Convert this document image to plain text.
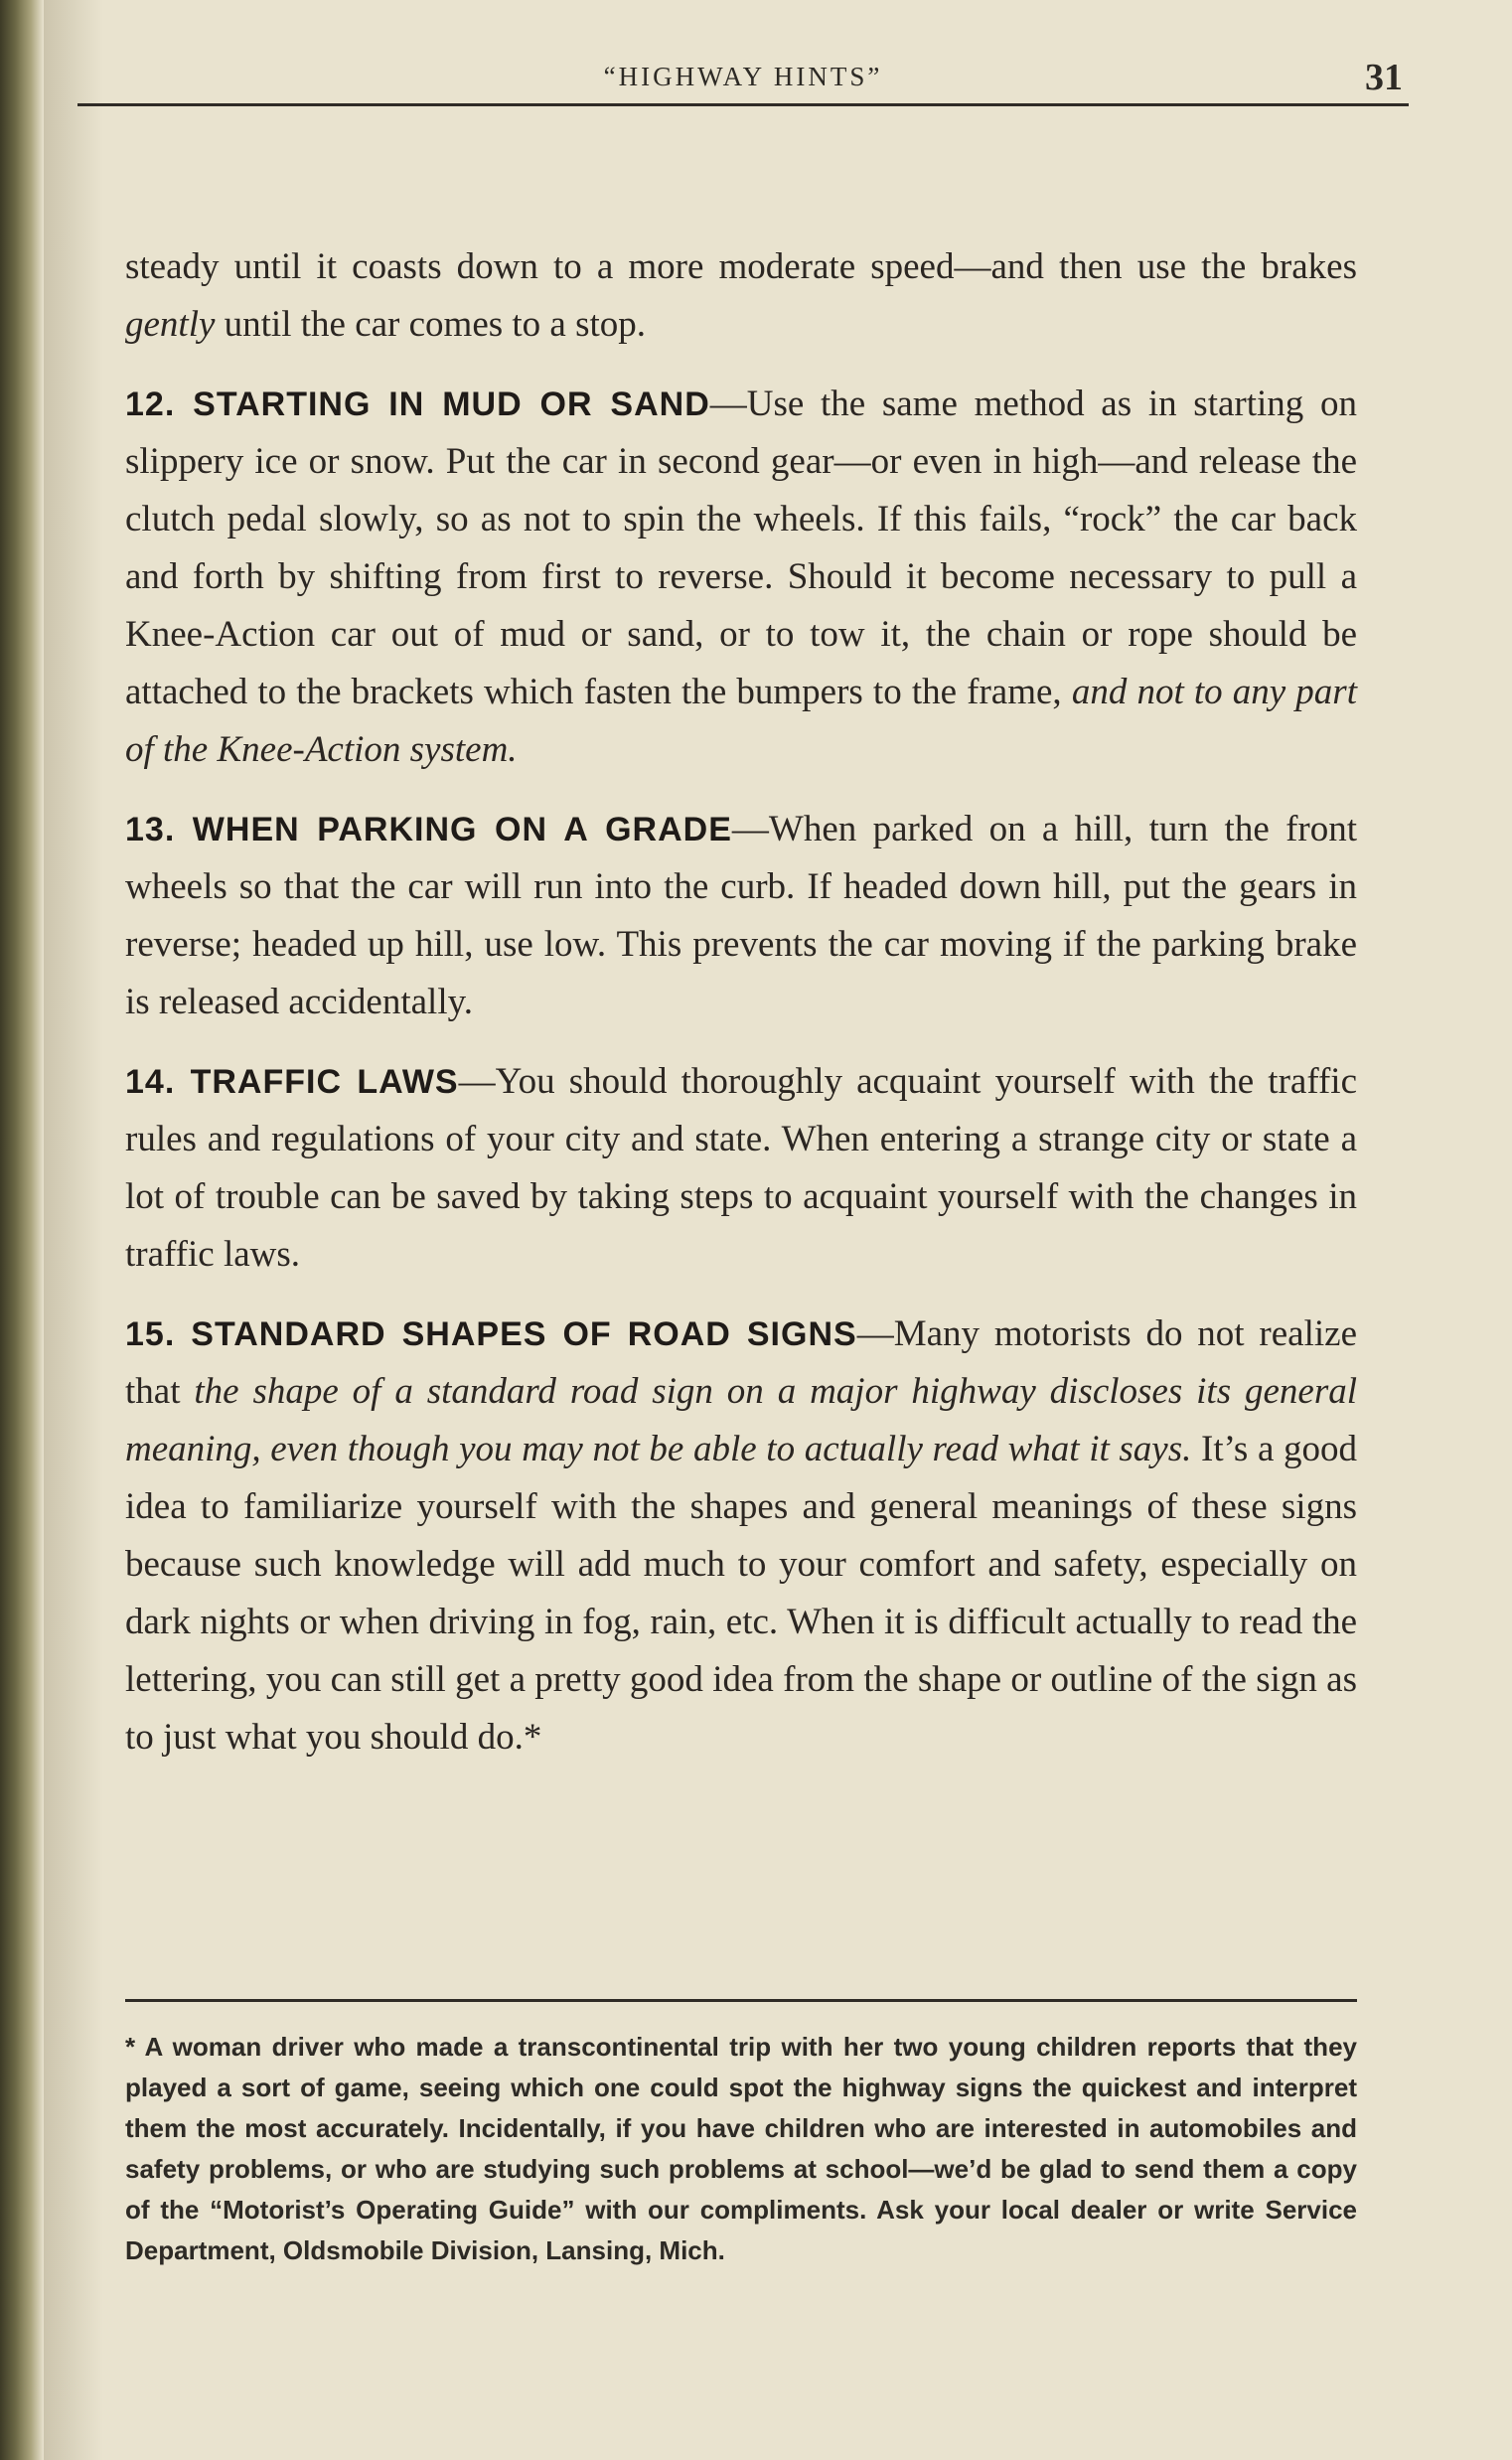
“HIGHWAY HINTS”	31

steady until it coasts down to a more moderate speed—and then use the brakes gently until the car comes to a stop.

12. STARTING IN MUD OR SAND—Use the same method as in starting on slippery ice or snow. Put the car in second gear—or even in high—and release the clutch pedal slowly, so as not to spin the wheels. If this fails, “rock” the car back and forth by shifting from first to reverse. Should it become necessary to pull a Knee-Action car out of mud or sand, or to tow it, the chain or rope should be attached to the brackets which fasten the bumpers to the frame, and not to any part of the Knee-Action system.

13. WHEN PARKING ON A GRADE—When parked on a hill, turn the front wheels so that the car will run into the curb. If headed down hill, put the gears in reverse; headed up hill, use low. This prevents the car moving if the parking brake is released accidentally.

14. TRAFFIC LAWS—You should thoroughly acquaint yourself with the traffic rules and regulations of your city and state. When entering a strange city or state a lot of trouble can be saved by taking steps to acquaint yourself with the changes in traffic laws.

15. STANDARD SHAPES OF ROAD SIGNS—Many motorists do not realize that the shape of a standard road sign on a major highway discloses its general meaning, even though you may not be able to actually read what it says. It’s a good idea to familiarize yourself with the shapes and general meanings of these signs because such knowledge will add much to your comfort and safety, especially on dark nights or when driving in fog, rain, etc. When it is difficult actually to read the lettering, you can still get a pretty good idea from the shape or outline of the sign as to just what you should do.*

* A woman driver who made a transcontinental trip with her two young children reports that they played a sort of game, seeing which one could spot the highway signs the quickest and interpret them the most accurately. Incidentally, if you have children who are interested in automobiles and safety problems, or who are studying such problems at school—we’d be glad to send them a copy of the “Motorist’s Operating Guide” with our compliments. Ask your local dealer or write Service Department, Oldsmobile Division, Lansing, Mich.
